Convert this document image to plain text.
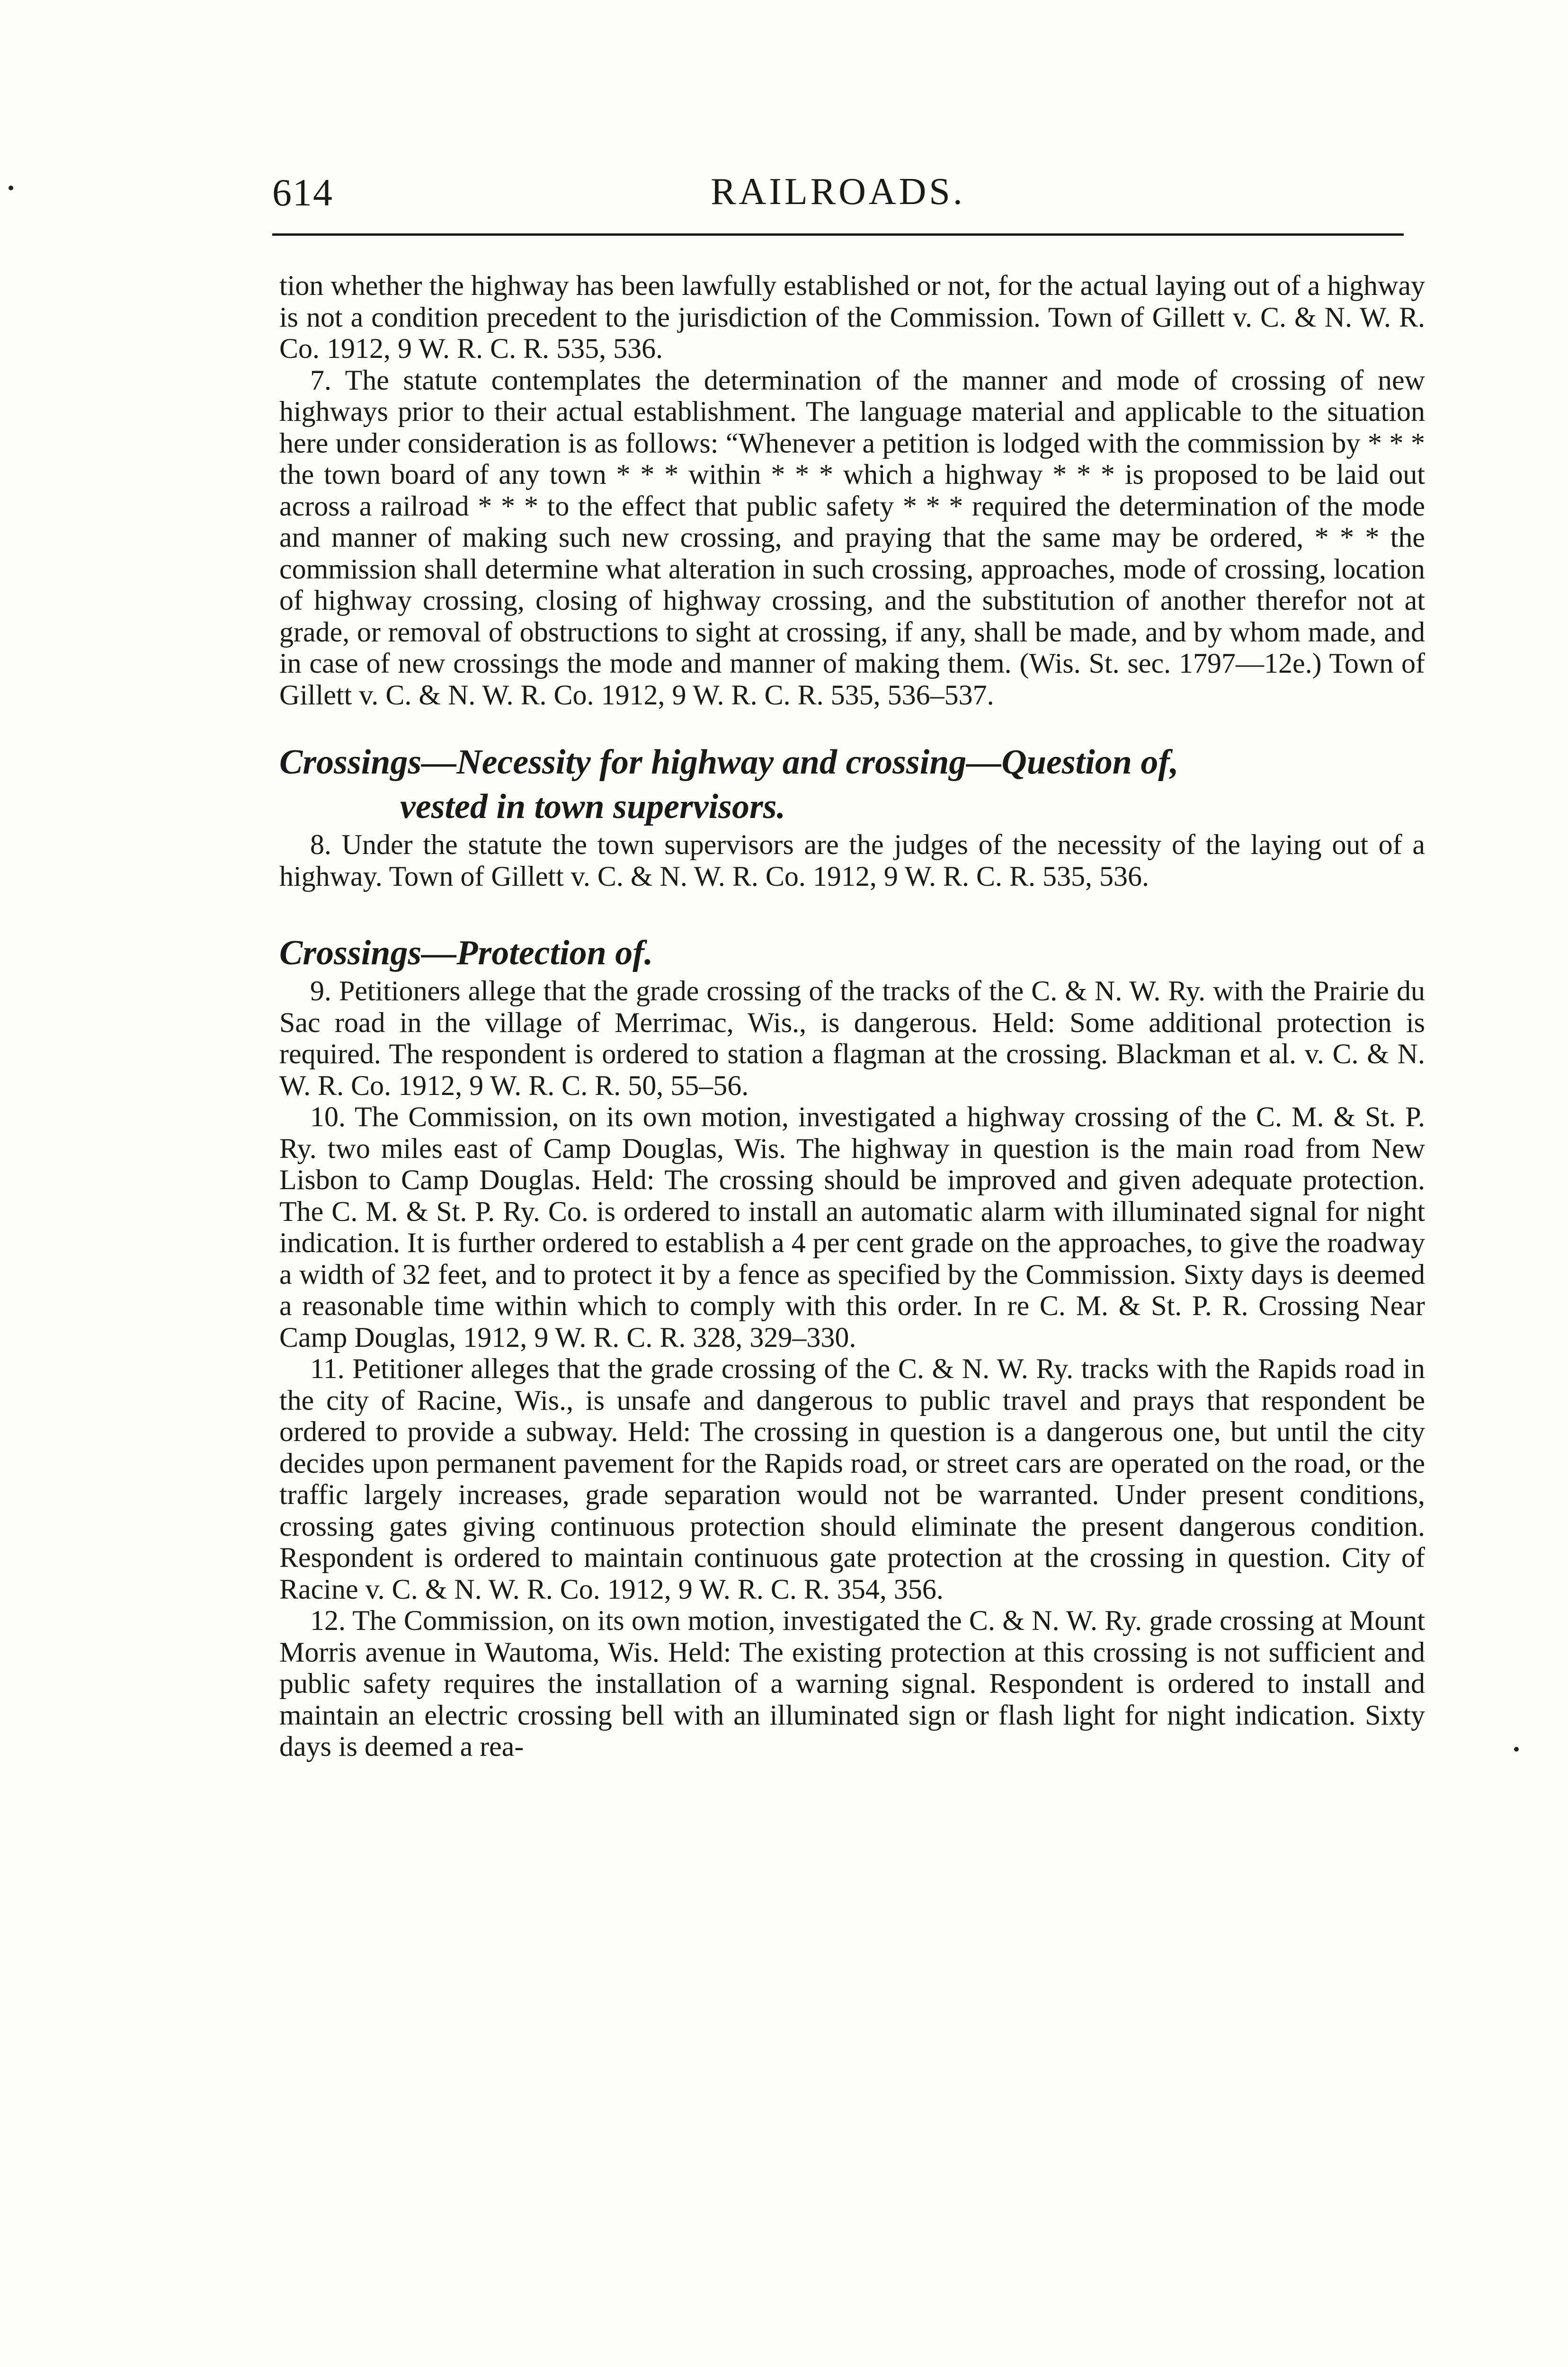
614	RAILROADS.

tion whether the highway has been lawfully established or not, for the actual laying out of a highway is not a condition precedent to the jurisdiction of the Commission. Town of Gillett v. C. & N. W. R. Co. 1912, 9 W. R. C. R. 535, 536.

7. The statute contemplates the determination of the manner and mode of crossing of new highways prior to their actual establishment. The language material and applicable to the situation here under consideration is as follows: “Whenever a petition is lodged with the commission by * * * the town board of any town * * * within * * * which a highway * * * is proposed to be laid out across a railroad * * * to the effect that public safety * * * required the determination of the mode and manner of making such new crossing, and praying that the same may be ordered, * * * the commission shall determine what alteration in such crossing, approaches, mode of crossing, location of highway crossing, closing of highway crossing, and the substitution of another therefor not at grade, or removal of obstructions to sight at crossing, if any, shall be made, and by whom made, and in case of new crossings the mode and manner of making them. (Wis. St. sec. 1797—12e.) Town of Gillett v. C. & N. W. R. Co. 1912, 9 W. R. C. R. 535, 536–537.

Crossings—Necessity for highway and crossing—Question of,
vested in town supervisors.

8. Under the statute the town supervisors are the judges of the necessity of the laying out of a highway. Town of Gillett v. C. & N. W. R. Co. 1912, 9 W. R. C. R. 535, 536.

Crossings—Protection of.

9. Petitioners allege that the grade crossing of the tracks of the C. & N. W. Ry. with the Prairie du Sac road in the village of Merrimac, Wis., is dangerous. Held: Some additional protection is required. The respondent is ordered to station a flagman at the crossing. Blackman et al. v. C. & N. W. R. Co. 1912, 9 W. R. C. R. 50, 55–56.

10. The Commission, on its own motion, investigated a highway crossing of the C. M. & St. P. Ry. two miles east of Camp Douglas, Wis. The highway in question is the main road from New Lisbon to Camp Douglas. Held: The crossing should be improved and given adequate protection. The C. M. & St. P. Ry. Co. is ordered to install an automatic alarm with illuminated signal for night indication. It is further ordered to establish a 4 per cent grade on the approaches, to give the roadway a width of 32 feet, and to protect it by a fence as specified by the Commission. Sixty days is deemed a reasonable time within which to comply with this order. In re C. M. & St. P. R. Crossing Near Camp Douglas, 1912, 9 W. R. C. R. 328, 329–330.

11. Petitioner alleges that the grade crossing of the C. & N. W. Ry. tracks with the Rapids road in the city of Racine, Wis., is unsafe and dangerous to public travel and prays that respondent be ordered to provide a subway. Held: The crossing in question is a dangerous one, but until the city decides upon permanent pavement for the Rapids road, or street cars are operated on the road, or the traffic largely increases, grade separation would not be warranted. Under present conditions, crossing gates giving continuous protection should eliminate the present dangerous condition. Respondent is ordered to maintain continuous gate protection at the crossing in question. City of Racine v. C. & N. W. R. Co. 1912, 9 W. R. C. R. 354, 356.

12. The Commission, on its own motion, investigated the C. & N. W. Ry. grade crossing at Mount Morris avenue in Wautoma, Wis. Held: The existing protection at this crossing is not sufficient and public safety requires the installation of a warning signal. Respondent is ordered to install and maintain an electric crossing bell with an illuminated sign or flash light for night indication. Sixty days is deemed a rea-
